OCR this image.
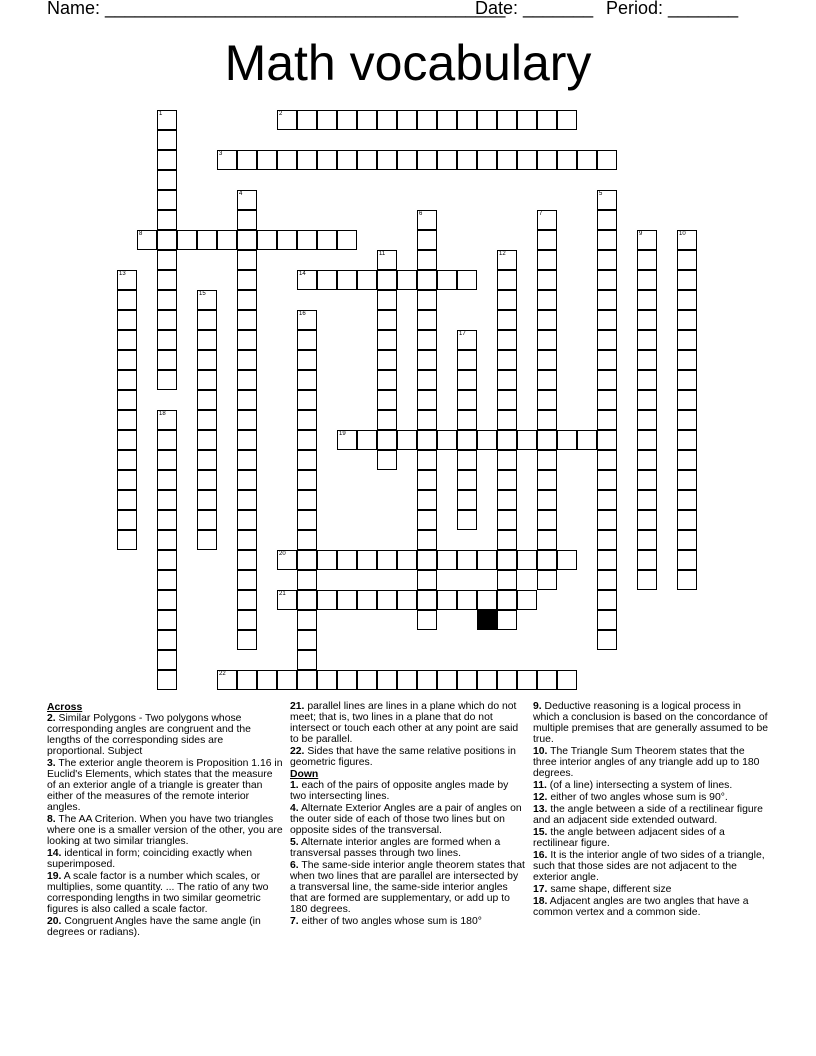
Name: ________________________________________
Date: _______ Period: _______
Math vocabulary
2
3
8
14
19
20
21
22
1
4	5
6	7
9	10
11	12
13
15
16
17
18
Across
2. Similar Polygons - Two polygons whose corresponding angles are congruent and the lengths of the corresponding sides are proportional. Subject
3. The exterior angle theorem is Proposition 1.16 in Euclid's Elements, which states that the measure of an exterior angle of a triangle is greater than either of the measures of the remote interior angles.
8. The AA Criterion. When you have two triangles where one is a smaller version of the other, you are looking at two similar triangles.
14. identical in form; coinciding exactly when superimposed.
19. A scale factor is a number which scales, or multiplies, some quantity. ... The ratio of any two corresponding lengths in two similar geometric figures is also called a scale factor.
20. Congruent Angles have the same angle (in degrees or radians).
21. parallel lines are lines in a plane which do not meet; that is, two lines in a plane that do not intersect or touch each other at any point are said to be parallel.
22. Sides that have the same relative positions in geometric figures.
Down
1. each of the pairs of opposite angles made by two intersecting lines.
4. Alternate Exterior Angles are a pair of angles on the outer side of each of those two lines but on opposite sides of the transversal.
5. Alternate interior angles are formed when a transversal passes through two lines.
6. The same-side interior angle theorem states that when two lines that are parallel are intersected by a transversal line, the same-side interior angles that are formed are supplementary, or add up to 180 degrees.
7. either of two angles whose sum is 180°
9. Deductive reasoning is a logical process in which a conclusion is based on the concordance of multiple premises that are generally assumed to be true.
10. The Triangle Sum Theorem states that the three interior angles of any triangle add up to 180 degrees.
11. (of a line) intersecting a system of lines.
12. either of two angles whose sum is 90°.
13. the angle between a side of a rectilinear figure and an adjacent side extended outward.
15. the angle between adjacent sides of a rectilinear figure.
16. It is the interior angle of two sides of a triangle, such that those sides are not adjacent to the exterior angle.
17. same shape, different size
18. Adjacent angles are two angles that have a common vertex and a common side.
